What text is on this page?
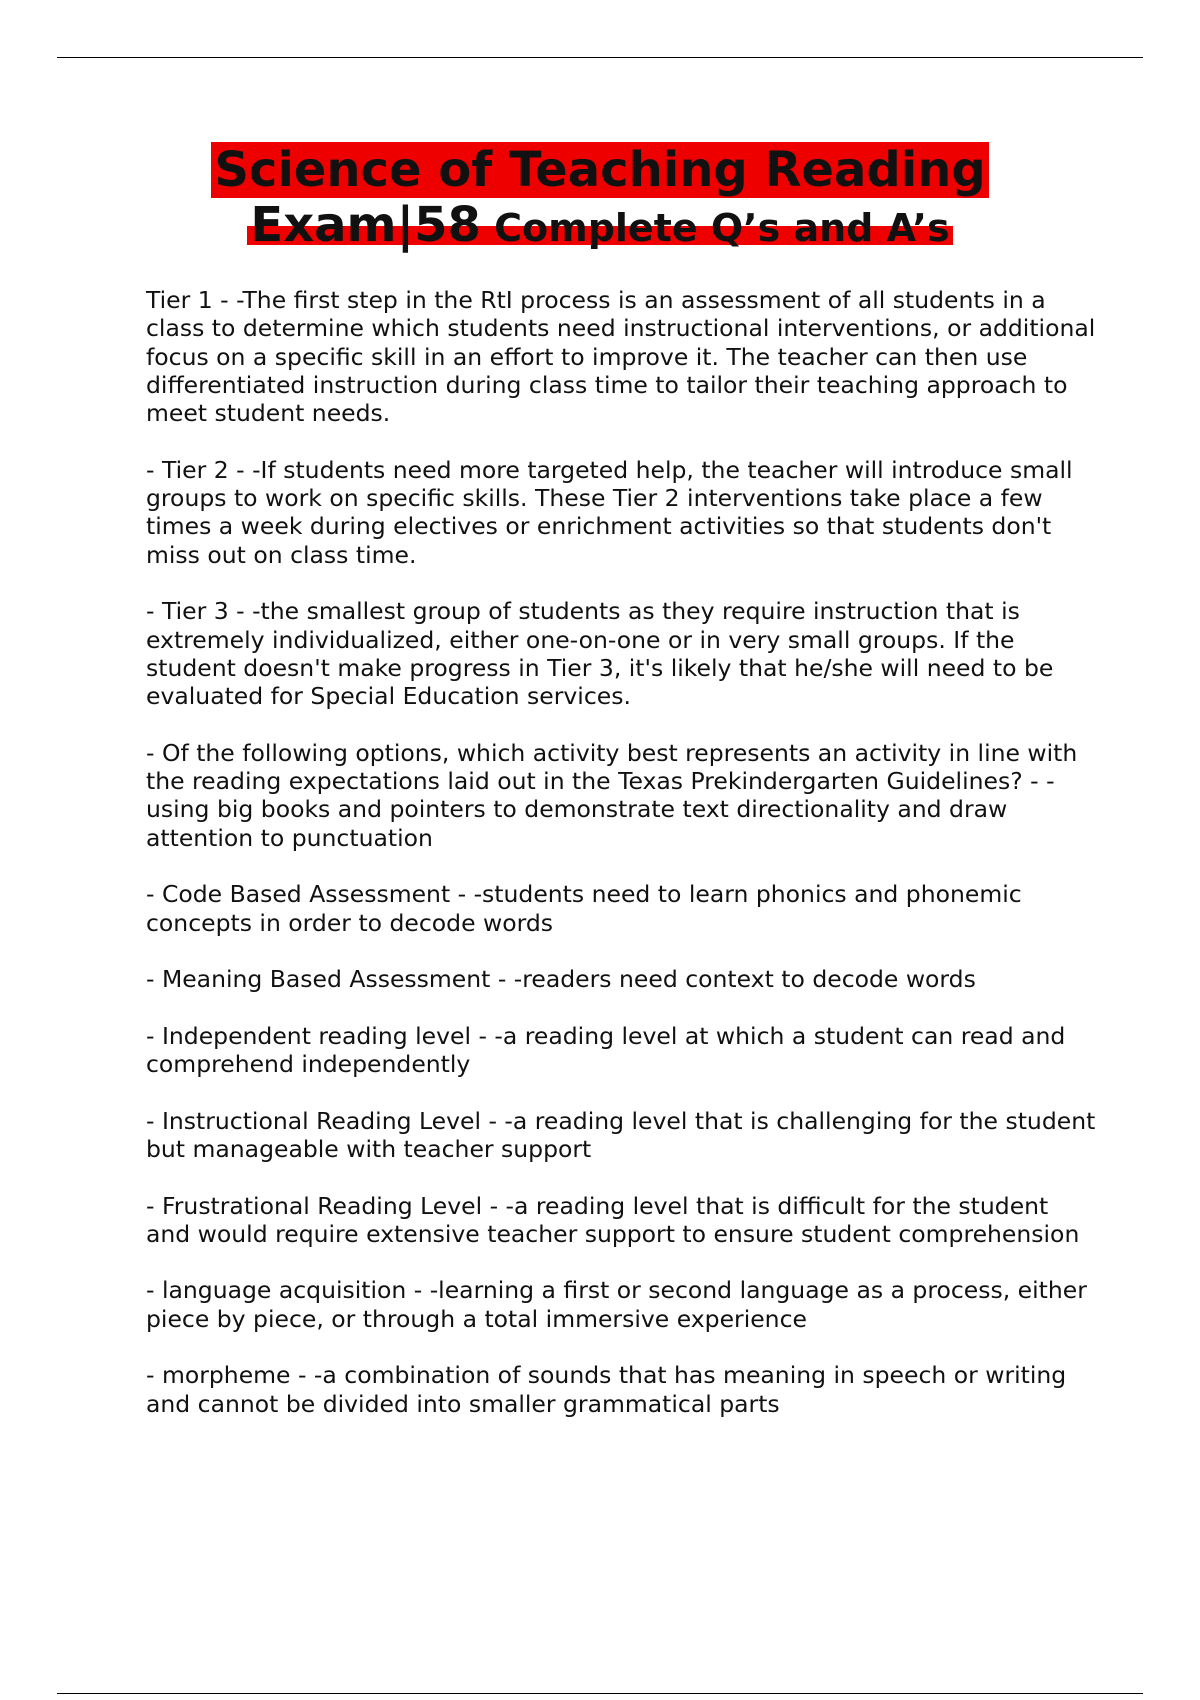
Science of Teaching Reading
Exam|58 Complete Q’s and A’s

Tier 1 - -The first step in the RtI process is an assessment of all students in a class to determine which students need instructional interventions, or additional focus on a specific skill in an effort to improve it. The teacher can then use differentiated instruction during class time to tailor their teaching approach to meet student needs.

- Tier 2 - -If students need more targeted help, the teacher will introduce small groups to work on specific skills. These Tier 2 interventions take place a few times a week during electives or enrichment activities so that students don't miss out on class time.

- Tier 3 - -the smallest group of students as they require instruction that is extremely individualized, either one-on-one or in very small groups. If the student doesn't make progress in Tier 3, it's likely that he/she will need to be evaluated for Special Education services.

- Of the following options, which activity best represents an activity in line with the reading expectations laid out in the Texas Prekindergarten Guidelines? - -using big books and pointers to demonstrate text directionality and draw attention to punctuation

- Code Based Assessment - -students need to learn phonics and phonemic concepts in order to decode words

- Meaning Based Assessment - -readers need context to decode words

- Independent reading level - -a reading level at which a student can read and comprehend independently

- Instructional Reading Level - -a reading level that is challenging for the student but manageable with teacher support

- Frustrational Reading Level - -a reading level that is difficult for the student and would require extensive teacher support to ensure student comprehension

- language acquisition - -learning a first or second language as a process, either piece by piece, or through a total immersive experience

- morpheme - -a combination of sounds that has meaning in speech or writing and cannot be divided into smaller grammatical parts
